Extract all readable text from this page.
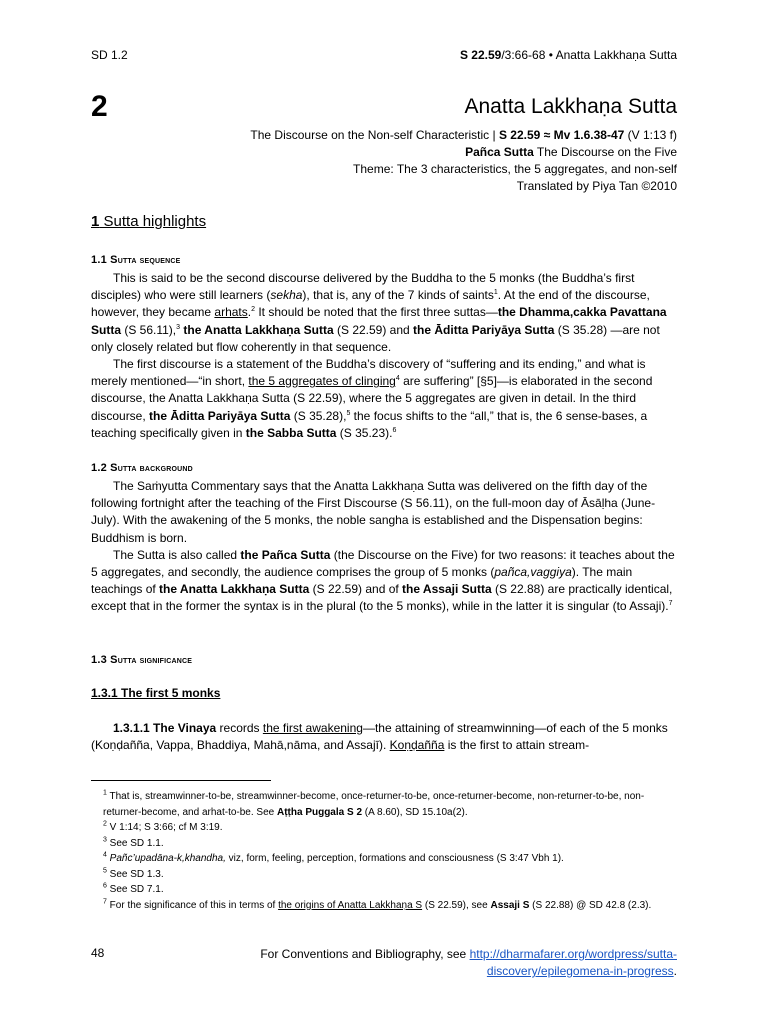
SD 1.2	S 22.59/3:66-68 • Anatta Lakkhaṇa Sutta
2	Anatta Lakkhaṇa Sutta
The Discourse on the Non-self Characteristic | S 22.59 ≈ Mv 1.6.38-47 (V 1:13 f)
Pañca Sutta The Discourse on the Five
Theme: The 3 characteristics, the 5 aggregates, and non-self
Translated by Piya Tan ©2010
1 Sutta highlights
1.1 Sutta sequence

This is said to be the second discourse delivered by the Buddha to the 5 monks (the Buddha’s first disciples) who were still learners (sekha), that is, any of the 7 kinds of saints$^1$. At the end of the discourse, however, they became arhats.$^2$ It should be noted that the first three suttas—the Dhamma,cakka Pavattana Sutta (S 56.11),$^3$ the Anatta Lakkhaṇa Sutta (S 22.59) and the Āditta Pariyāya Sutta (S 35.28) —are not only closely related but flow coherently in that sequence.

The first discourse is a statement of the Buddha’s discovery of “suffering and its ending,” and what is merely mentioned—“in short, the 5 aggregates of clinging$^4$ are suffering” [§5]—is elaborated in the second discourse, the Anatta Lakkhaṇa Sutta (S 22.59), where the 5 aggregates are given in detail. In the third discourse, the Āditta Pariyāya Sutta (S 35.28),$^5$ the focus shifts to the “all,” that is, the 6 sense-bases, a teaching specifically given in the Sabba Sutta (S 35.23).$^6$

1.2 Sutta background

The Saṁyutta Commentary says that the Anatta Lakkhaṇa Sutta was delivered on the fifth day of the following fortnight after the teaching of the First Discourse (S 56.11), on the full-moon day of Āsāḷha (June-July). With the awakening of the 5 monks, the noble sangha is established and the Dispensation begins: Buddhism is born.

The Sutta is also called the Pañca Sutta (the Discourse on the Five) for two reasons: it teaches about the 5 aggregates, and secondly, the audience comprises the group of 5 monks (pañca,vaggiya). The main teachings of the Anatta Lakkhaṇa Sutta (S 22.59) and of the Assaji Sutta (S 22.88) are practically identical, except that in the former the syntax is in the plural (to the 5 monks), while in the latter it is singular (to Assaji).$^7$

1.3 Sutta significance
1.3.1 The first 5 monks

1.3.1.1 The Vinaya records the first awakening—the attaining of streamwinning—of each of the 5 monks (Koṇḍañña, Vappa, Bhaddiya, Mahā,nāma, and Assajī). Koṇḍañña is the first to attain stream-

$^1$ That is, streamwinner-to-be, streamwinner-become, once-returner-to-be, once-returner-become, non-returner-to-be, non-returner-become, and arhat-to-be. See Aṭṭha Puggala S 2 (A 8.60), SD 15.10a(2).
$^2$ V 1:14; S 3:66; cf M 3:19.
$^3$ See SD 1.1.
$^4$ Pañc’upadāna-k,khandha, viz, form, feeling, perception, formations and consciousness (S 3:47 Vbh 1).
$^5$ See SD 1.3.
$^6$ See SD 7.1.
$^7$ For the significance of this in terms of the origins of Anatta Lakkhaṇa S (S 22.59), see Assaji S (S 22.88) @ SD 42.8 (2.3).
48	For Conventions and Bibliography, see http://dharmafarer.org/wordpress/sutta-
discovery/epilegomena-in-progress.
